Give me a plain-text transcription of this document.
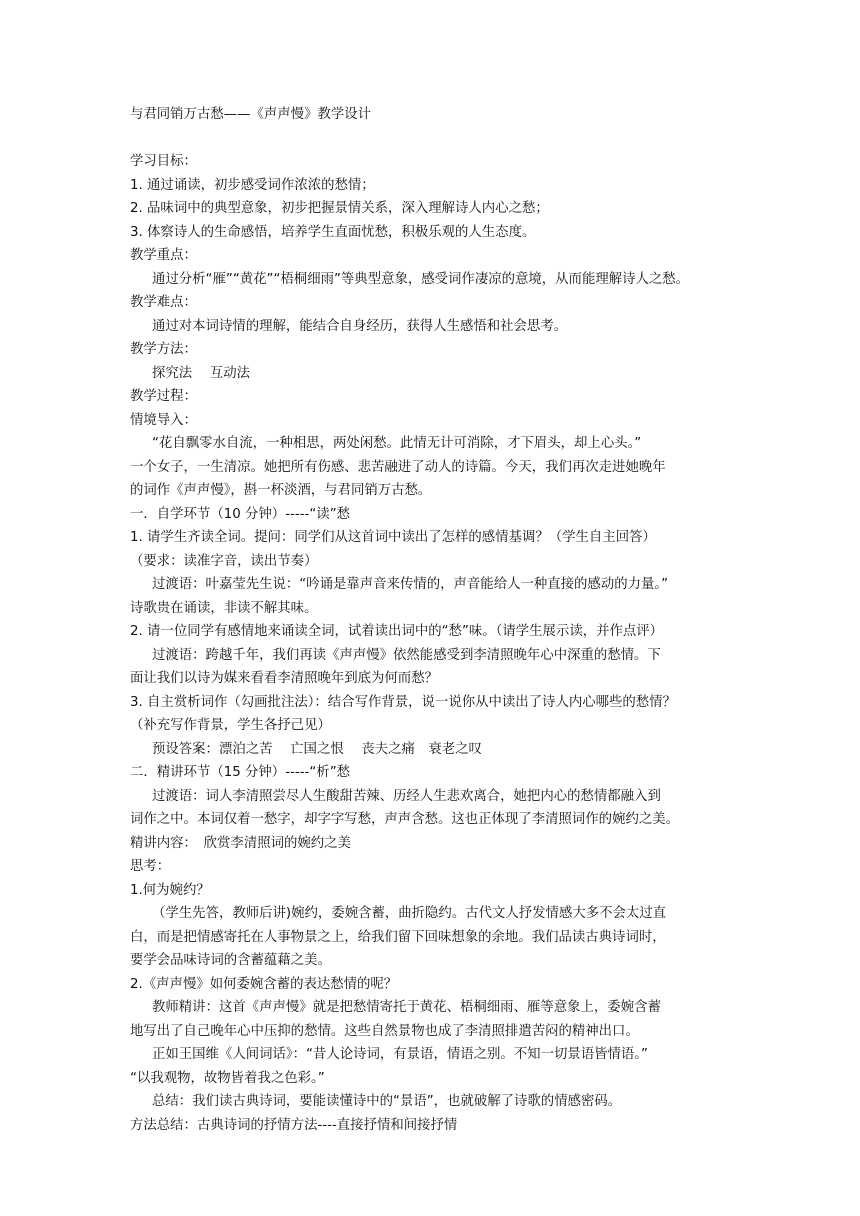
与君同销万古愁——《声声慢》教学设计

学习目标：

1. 通过诵读，初步感受词作浓浓的愁情；

2. 品味词中的典型意象，初步把握景情关系，深入理解诗人内心之愁；

3. 体察诗人的生命感悟，培养学生直面忧愁，积极乐观的人生态度。

教学重点：

通过分析“雁”“黄花”“梧桐细雨”等典型意象，感受词作凄凉的意境，从而能理解诗人之愁。

教学难点：

通过对本词诗情的理解，能结合自身经历，获得人生感悟和社会思考。

教学方法：

探究法　 互动法

教学过程：

情境导入：

“花自飘零水自流，一种相思，两处闲愁。此情无计可消除，才下眉头，却上心头。”

一个女子，一生清凉。她把所有伤感、悲苦融进了动人的诗篇。今天，我们再次走进她晚年

的词作《声声慢》，斟一杯淡酒，与君同销万古愁。

一．自学环节（10 分钟）-----“读”愁

1. 请学生齐读全词。提问：同学们从这首词中读出了怎样的感情基调？（学生自主回答）

（要求：读准字音，读出节奏）

过渡语：叶嘉莹先生说：“吟诵是靠声音来传情的，声音能给人一种直接的感动的力量。”

诗歌贵在诵读，非读不解其味。

2. 请一位同学有感情地来诵读全词，试着读出词中的“愁”味。（请学生展示读，并作点评）

过渡语：跨越千年，我们再读《声声慢》依然能感受到李清照晚年心中深重的愁情。下

面让我们以诗为媒来看看李清照晚年到底为何而愁？

3. 自主赏析词作（勾画批注法）：结合写作背景，说一说你从中读出了诗人内心哪些的愁情？

（补充写作背景，学生各抒己见）

预设答案：漂泊之苦　 亡国之恨　 丧夫之痛　衰老之叹

二．精讲环节（15 分钟）-----“析”愁

过渡语：词人李清照尝尽人生酸甜苦辣、历经人生悲欢离合，她把内心的愁情都融入到

词作之中。本词仅着一愁字，却字字写愁，声声含愁。这也正体现了李清照词作的婉约之美。

精讲内容：　欣赏李清照词的婉约之美

思考：

1.何为婉约？

（学生先答，教师后讲)婉约，委婉含蓄，曲折隐约。古代文人抒发情感大多不会太过直

白，而是把情感寄托在人事物景之上，给我们留下回味想象的余地。我们品读古典诗词时，

要学会品味诗词的含蓄蕴藉之美。

2.《声声慢》如何委婉含蓄的表达愁情的呢？

教师精讲：这首《声声慢》就是把愁情寄托于黄花、梧桐细雨、雁等意象上，委婉含蓄

地写出了自己晚年心中压抑的愁情。这些自然景物也成了李清照排遣苦闷的精神出口。

正如王国维《人间词话》：“昔人论诗词，有景语，情语之别。不知一切景语皆情语。”

“以我观物，故物皆着我之色彩。”

总结：我们读古典诗词，要能读懂诗中的“景语”，也就破解了诗歌的情感密码。

方法总结：古典诗词的抒情方法----直接抒情和间接抒情
